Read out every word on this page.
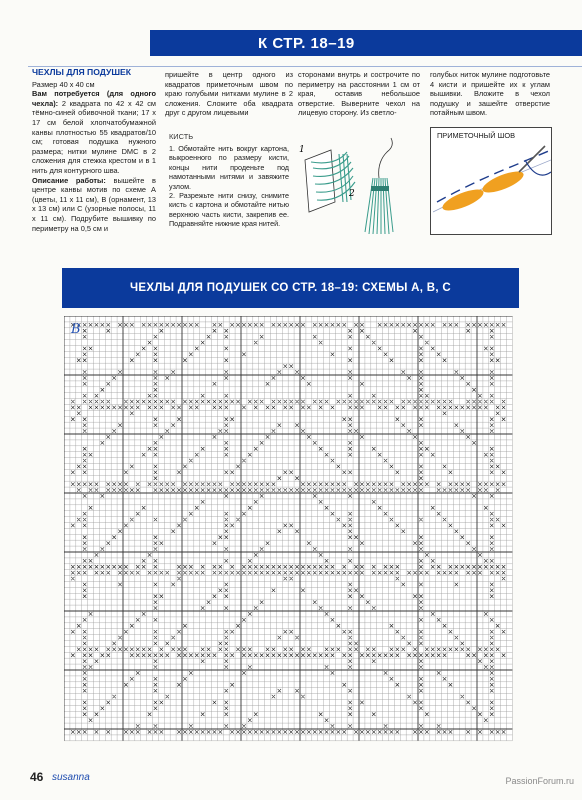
К СТР. 18–19
ЧЕХЛЫ ДЛЯ ПОДУШЕК
Размер 40 х 40 см
Вам потребуется (для одного чехла): 2 квадрата по 42 х 42 см тёмно-синей обивочной ткани; 17 х 17 см белой хлопчатобумажной канвы плотностью 55 квадратов/10 см; готовая подушка нужного размера; нитки мулине DMC в 2 сложения для стежка крестом и в 1 нить для контурного шва.
Описание работы: вышейте в центре канвы мотив по схеме А (цветы, 11 х 11 см), В (орнамент, 13 х 13 см) или С (узорные полосы, 11 х 11 см). Подрубите вышивку по периметру на 0,5 см и
пришейте в центр одного из квадратов приметочным швом по краю голубыми нитками мулине в 2 сложения. Сложите оба квадрата друг с другом лицевыми
сторонами внутрь и сострочите по периметру на расстоянии 1 см от края, оставив небольшое отверстие. Выверните чехол на лицевую сторону. Из светло-
голубых ниток мулине подготовьте 4 кисти и пришейте их к углам вышивки. Вложите в чехол подушку и зашейте отверстие потайным швом.
КИСТЬ
1. Обмотайте нить вокруг картона, выкроенного по размеру кисти, концы нити проденьте под намотанными нитями и завяжите узлом.
2. Разрежьте нити снизу, снимите кисть с картона и обмотайте нитью верхнюю часть кисти, закрепив ее. Подравняйте нижние края нитей.
1
2
ПРИМЕТОЧНЫЙ ШОВ
ЧЕХЛЫ ДЛЯ ПОДУШЕК СО СТР. 18–19: СХЕМЫ А, В, С
B
46 susanna	PassionForum.ru
